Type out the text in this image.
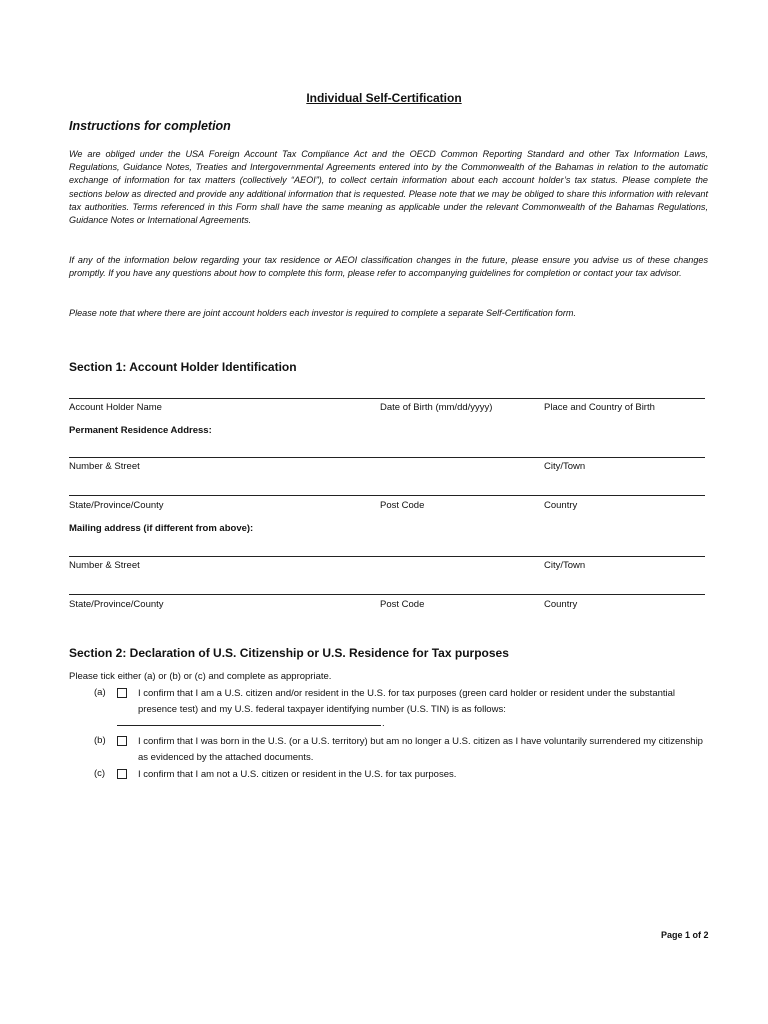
Individual Self-Certification
Instructions for completion

We are obliged under the USA Foreign Account Tax Compliance Act and the OECD Common Reporting Standard and other Tax Information Laws, Regulations, Guidance Notes, Treaties and Intergovernmental Agreements entered into by the Commonwealth of the Bahamas in relation to the automatic exchange of information for tax matters (collectively “AEOI”), to collect certain information about each account holder’s tax status. Please complete the sections below as directed and provide any additional information that is requested. Please note that we may be obliged to share this information with relevant tax authorities. Terms referenced in this Form shall have the same meaning as applicable under the relevant Commonwealth of the Bahamas Regulations, Guidance Notes or International Agreements.

If any of the information below regarding your tax residence or AEOI classification changes in the future, please ensure you advise us of these changes promptly. If you have any questions about how to complete this form, please refer to accompanying guidelines for completion or contact your tax advisor.

Please note that where there are joint account holders each investor is required to complete a separate Self-Certification form.

Section 1: Account Holder Identification
Account Holder Name	Date of Birth (mm/dd/yyyy)	Place and Country of Birth
Permanent Residence Address:
Number & Street	City/Town
State/Province/County	Post Code	Country
Mailing address (if different from above):
Number & Street	City/Town
State/Province/County	Post Code	Country
Section 2: Declaration of U.S. Citizenship or U.S. Residence for Tax purposes
Please tick either (a) or (b) or (c) and complete as appropriate.
(a)	I confirm that I am a U.S. citizen and/or resident in the U.S. for tax purposes (green card holder or resident under the substantial presence test) and my U.S. federal taxpayer identifying number (U.S. TIN) is as follows:
.
(b)	I confirm that I was born in the U.S. (or a U.S. territory) but am no longer a U.S. citizen as I have voluntarily surrendered my citizenship as evidenced by the attached documents.
(c)	I confirm that I am not a U.S. citizen or resident in the U.S. for tax purposes.
Page 1 of 2
